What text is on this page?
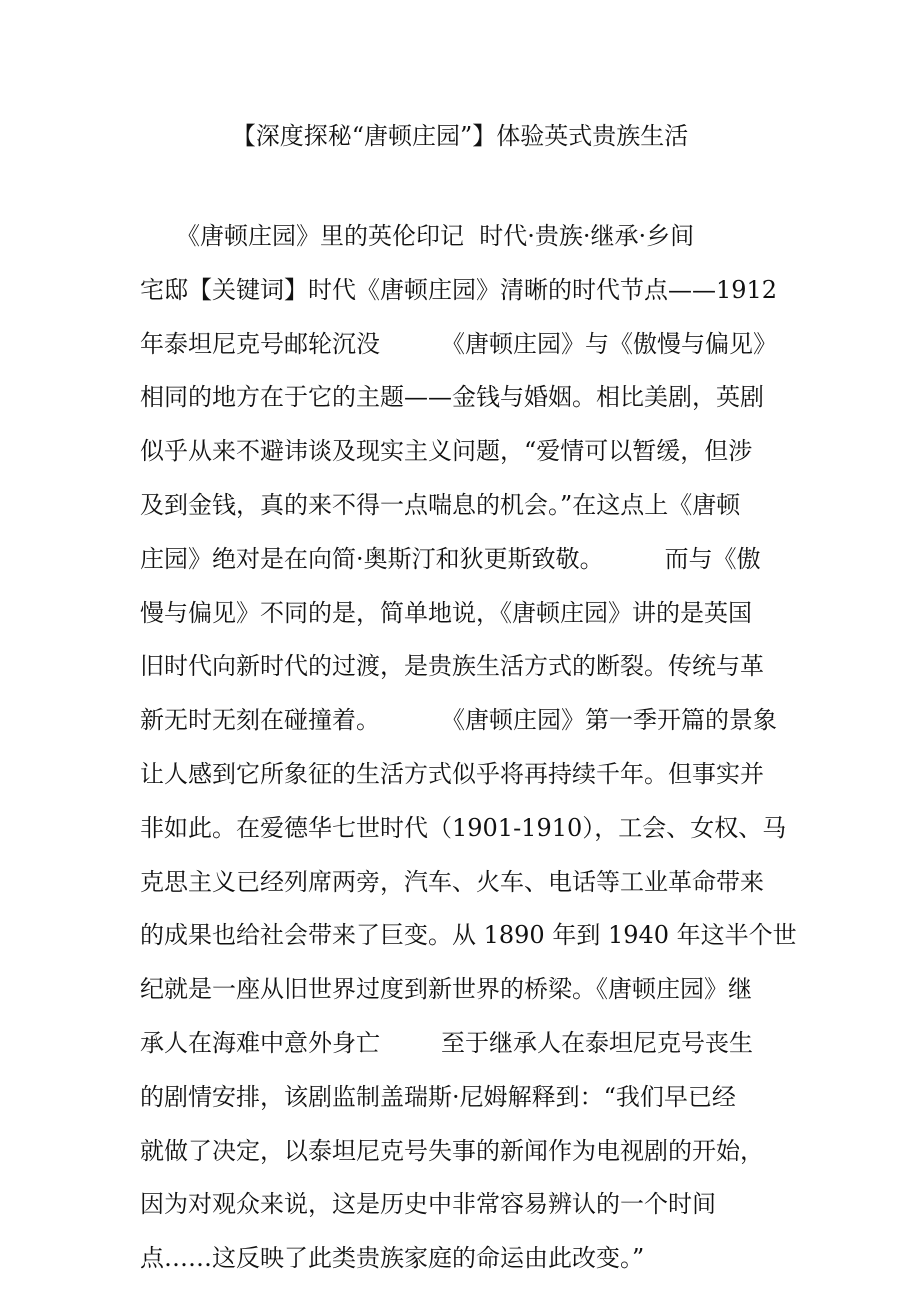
【深度探秘“唐顿庄园”】体验英式贵族生活
　　《唐顿庄园》里的英伦印记  时代·贵族·继承·乡间
宅邸【关键词】时代《唐顿庄园》清晰的时代节点——1912
年泰坦尼克号邮轮沉没        《唐顿庄园》与《傲慢与偏见》
相同的地方在于它的主题——金钱与婚姻。相比美剧，英剧
似乎从来不避讳谈及现实主义问题，“爱情可以暂缓，但涉
及到金钱，真的来不得一点喘息的机会。”在这点上《唐顿
庄园》绝对是在向简·奥斯汀和狄更斯致敬。        而与《傲
慢与偏见》不同的是，简单地说，《唐顿庄园》讲的是英国
旧时代向新时代的过渡，是贵族生活方式的断裂。传统与革
新无时无刻在碰撞着。        《唐顿庄园》第一季开篇的景象
让人感到它所象征的生活方式似乎将再持续千年。但事实并
非如此。在爱德华七世时代（1901-1910），工会、女权、马
克思主义已经列席两旁，汽车、火车、电话等工业革命带来
的成果也给社会带来了巨变。从 1890 年到 1940 年这半个世
纪就是一座从旧世界过度到新世界的桥梁。《唐顿庄园》继
承人在海难中意外身亡        至于继承人在泰坦尼克号丧生
的剧情安排，该剧监制盖瑞斯·尼姆解释到：“我们早已经
就做了决定，以泰坦尼克号失事的新闻作为电视剧的开始，
因为对观众来说，这是历史中非常容易辨认的一个时间
点……这反映了此类贵族家庭的命运由此改变。”
